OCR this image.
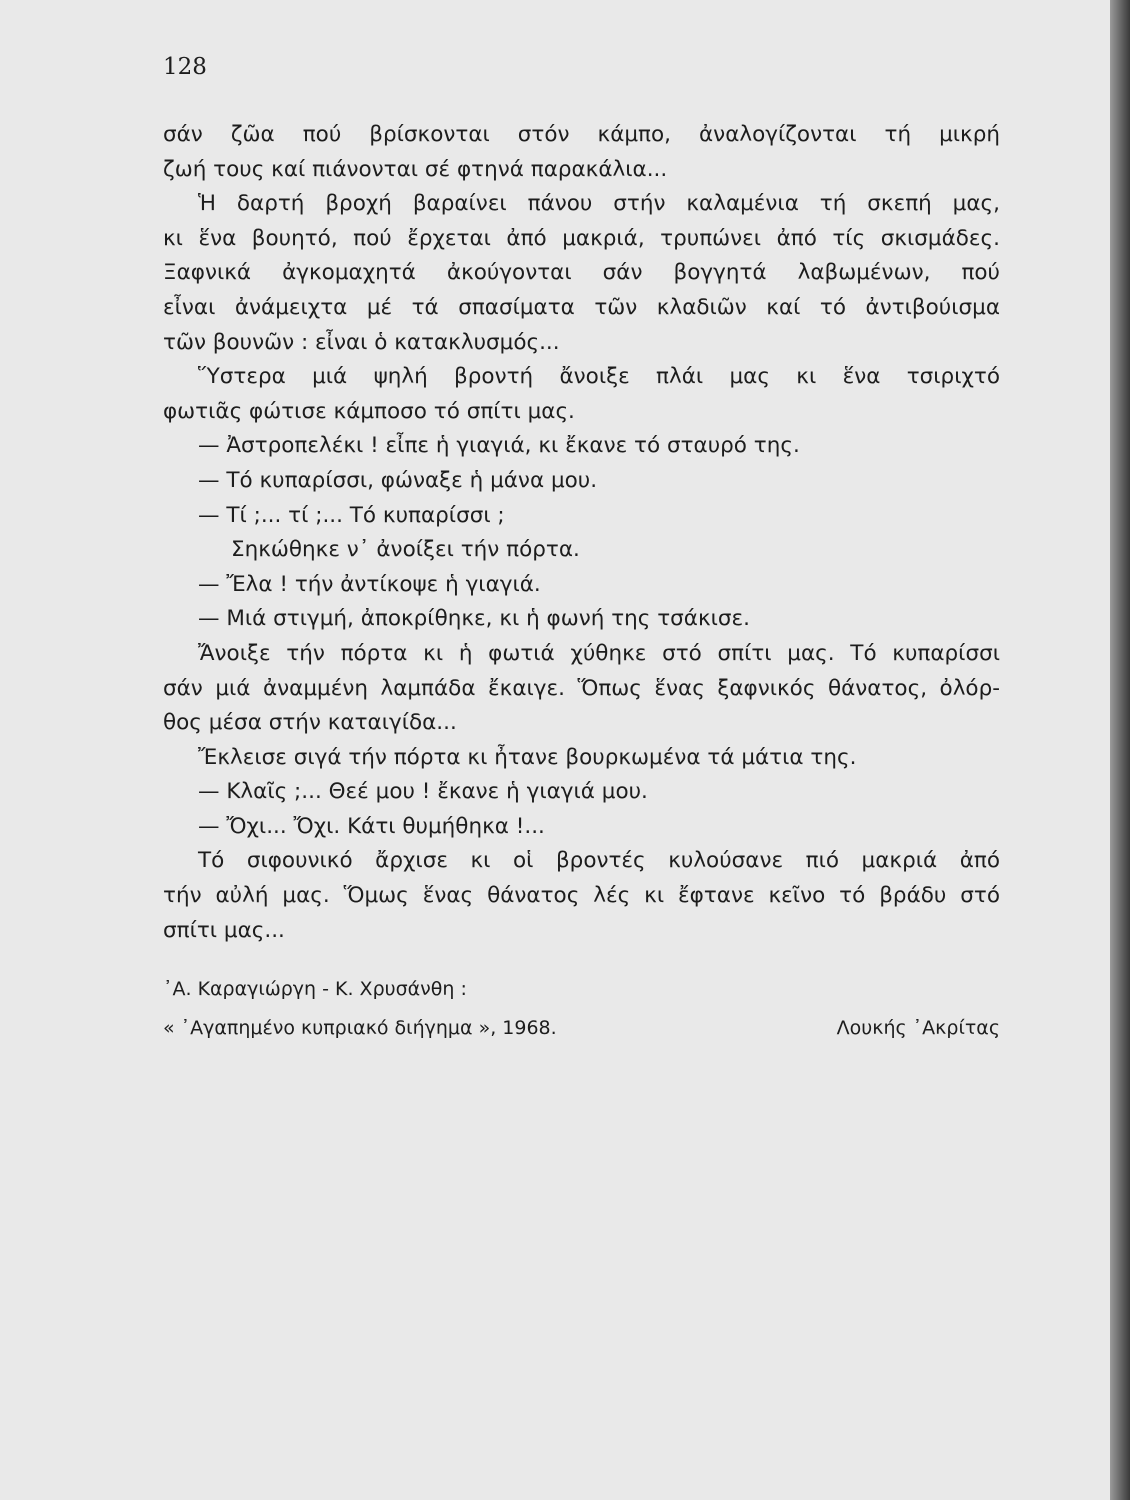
128
σάν ζῶα πού βρίσκονται στόν κάμπο, ἀναλογίζονται τή μικρή
ζωή τους καί πιάνονται σέ φτηνά παρακάλια...
Ἡ δαρτή βροχή βαραίνει πάνου στήν καλαμένια τή σκεπή μας,
κι ἕνα βουητό, πού ἔρχεται ἀπό μακριά, τρυπώνει ἀπό τίς σκισμάδες.
Ξαφνικά ἀγκομαχητά ἀκούγονται σάν βογγητά λαβωμένων, πού
εἶναι ἀνάμειχτα μέ τά σπασίματα τῶν κλαδιῶν καί τό ἀντιβούισμα
τῶν βουνῶν : εἶναι ὁ κατακλυσμός...
Ὕστερα μιά ψηλή βροντή ἄνοιξε πλάι μας κι ἕνα τσιριχτό
φωτιᾶς φώτισε κάμποσο τό σπίτι μας.
— Ἀστροπελέκι ! εἶπε ἡ γιαγιά, κι ἔκανε τό σταυρό της.
— Τό κυπαρίσσι, φώναξε ἡ μάνα μου.
— Τί ;... τί ;... Τό κυπαρίσσι ;
Σηκώθηκε ν᾿ ἀνοίξει τήν πόρτα.
— Ἔλα ! τήν ἀντίκοψε ἡ γιαγιά.
— Μιά στιγμή, ἀποκρίθηκε, κι ἡ φωνή της τσάκισε.
Ἄνοιξε τήν πόρτα κι ἡ φωτιά χύθηκε στό σπίτι μας. Τό κυπαρίσσι
σάν μιά ἀναμμένη λαμπάδα ἔκαιγε. Ὅπως ἕνας ξαφνικός θάνατος, ὀλόρ-
θος μέσα στήν καταιγίδα...
Ἔκλεισε σιγά τήν πόρτα κι ἦτανε βουρκωμένα τά μάτια της.
— Κλαῖς ;... Θεέ μου ! ἔκανε ἡ γιαγιά μου.
— Ὄχι... Ὄχι. Κάτι θυμήθηκα !...
Τό σιφουνικό ἄρχισε κι οἱ βροντές κυλούσανε πιό μακριά ἀπό
τήν αὐλή μας. Ὅμως ἕνας θάνατος λές κι ἔφτανε κεῖνο τό βράδυ στό
σπίτι μας...
᾿Α. Καραγιώργη - Κ. Χρυσάνθη :
« ᾿Αγαπημένο κυπριακό διήγημα », 1968.	Λουκής ᾿Ακρίτας
